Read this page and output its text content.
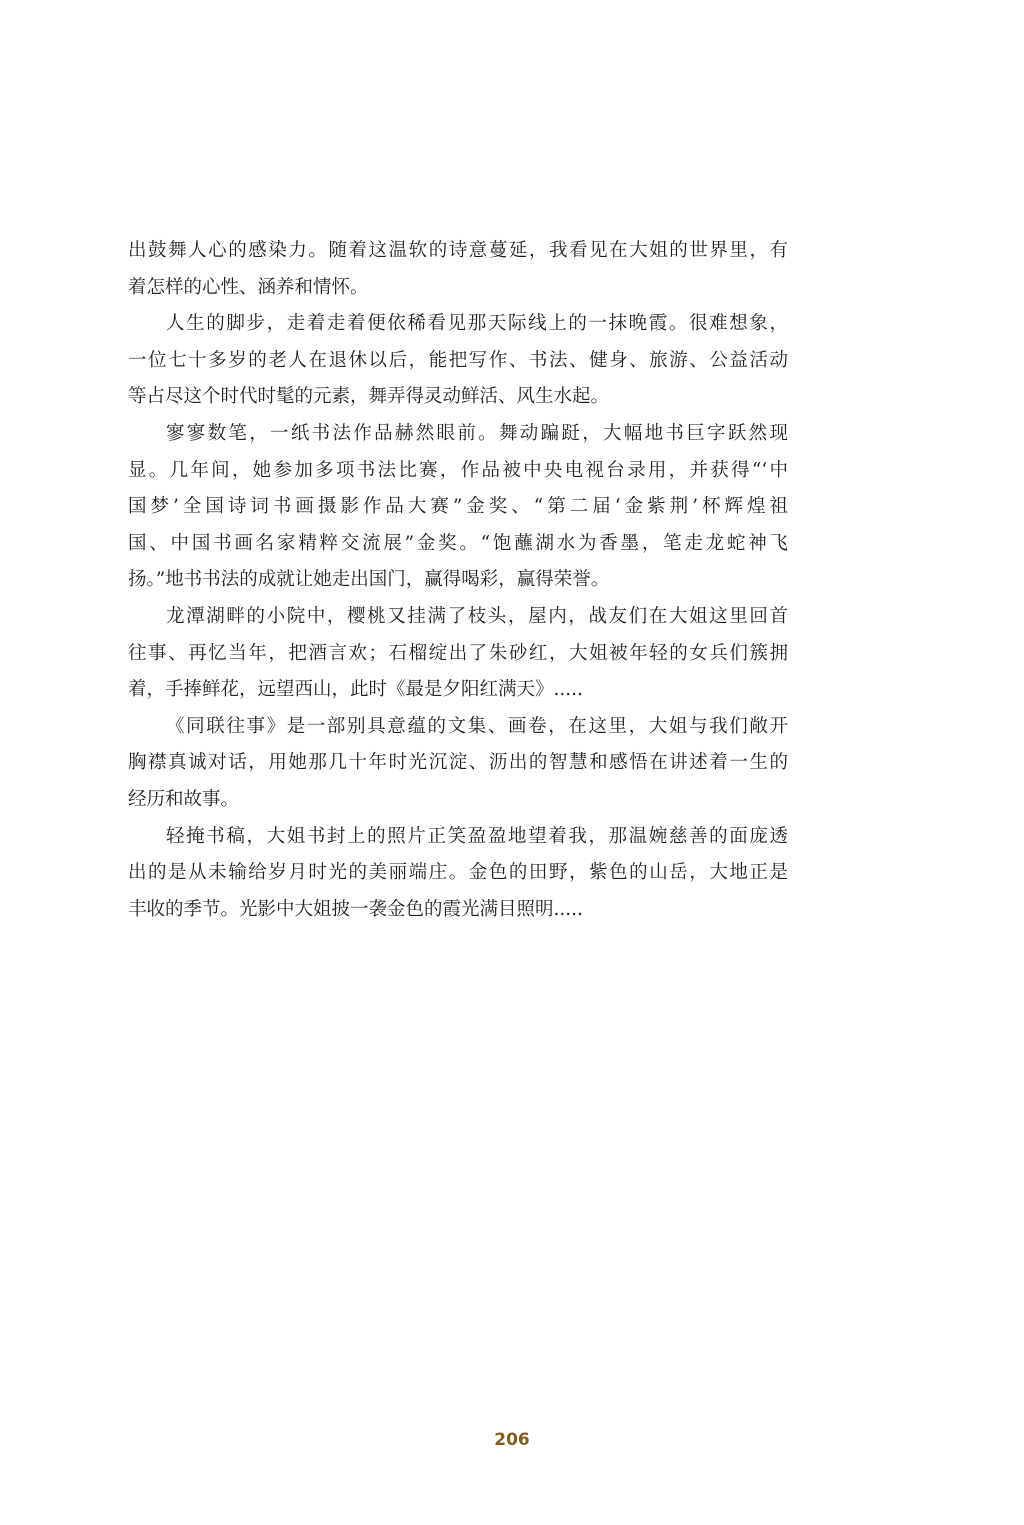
出鼓舞人心的感染力。随着这温软的诗意蔓延，我看见在大姐的世界里，有
着怎样的心性、涵养和情怀。
人生的脚步，走着走着便依稀看见那天际线上的一抹晚霞。很难想象，
一位七十多岁的老人在退休以后，能把写作、书法、健身、旅游、公益活动
等占尽这个时代时髦的元素，舞弄得灵动鲜活、风生水起。
寥寥数笔，一纸书法作品赫然眼前。舞动蹁跹，大幅地书巨字跃然现
显。几年间，她参加多项书法比赛，作品被中央电视台录用，并获得“‘中
国梦’全国诗词书画摄影作品大赛”金奖、“第二届‘金紫荆’杯辉煌祖
国、中国书画名家精粹交流展”金奖。“饱蘸湖水为香墨，笔走龙蛇神飞
扬。”地书书法的成就让她走出国门，赢得喝彩，赢得荣誉。
龙潭湖畔的小院中，樱桃又挂满了枝头，屋内，战友们在大姐这里回首
往事、再忆当年，把酒言欢；石榴绽出了朱砂红，大姐被年轻的女兵们簇拥
着，手捧鲜花，远望西山，此时《最是夕阳红满天》.....
《同联往事》是一部别具意蕴的文集、画卷，在这里，大姐与我们敞开
胸襟真诚对话，用她那几十年时光沉淀、沥出的智慧和感悟在讲述着一生的
经历和故事。
轻掩书稿，大姐书封上的照片正笑盈盈地望着我，那温婉慈善的面庞透
出的是从未输给岁月时光的美丽端庄。金色的田野，紫色的山岳，大地正是
丰收的季节。光影中大姐披一袭金色的霞光满目照明.....
206
